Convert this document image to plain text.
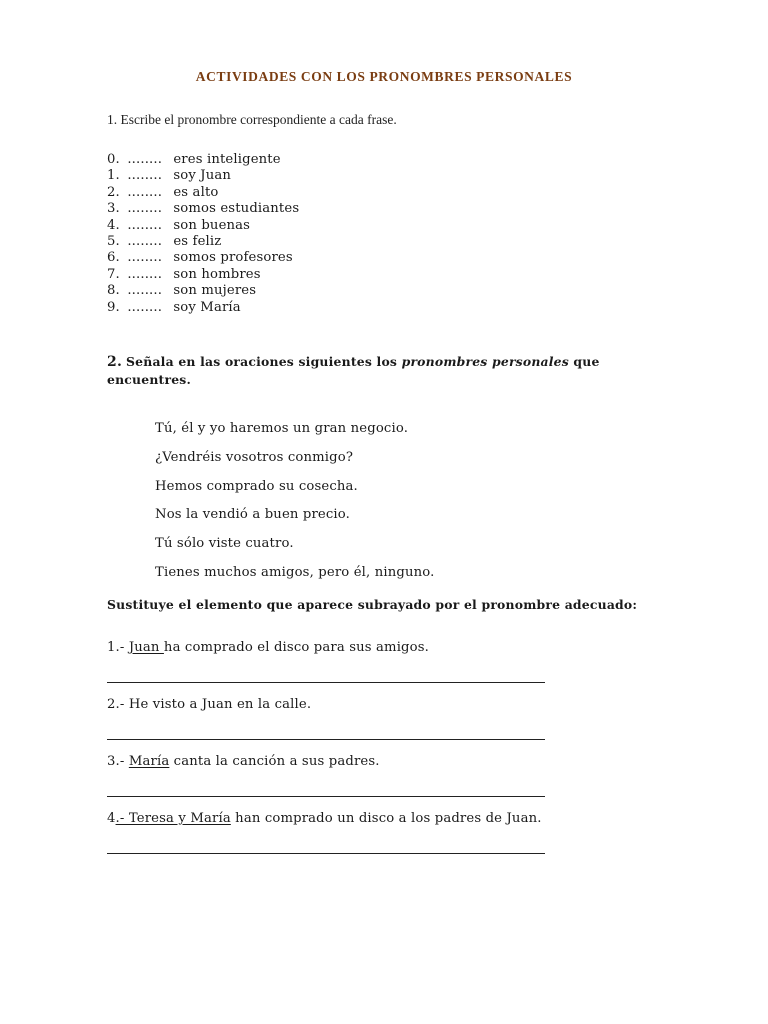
ACTIVIDADES CON LOS PRONOMBRES PERSONALES
1. Escribe el pronombre correspondiente a cada frase.
0. ........ eres inteligente
1. ........ soy Juan
2. ........ es alto
3. ........ somos estudiantes
4. ........ son buenas
5. ........ es feliz
6. ........ somos profesores
7. ........ son hombres
8. ........ son mujeres
9. ........ soy María
2. Señala en las oraciones siguientes los pronombres personales que encuentres.
Tú, él y yo haremos un gran negocio.
¿Vendréis vosotros conmigo?
Hemos comprado su cosecha.
Nos la vendió a buen precio.
Tú sólo viste cuatro.
Tienes muchos amigos, pero él, ninguno.
Sustituye el elemento que aparece subrayado por el pronombre adecuado:
1.- Juan ha comprado el disco para sus amigos.
2.- He visto a Juan en la calle.
3.- María canta la canción a sus padres.
4.- Teresa y María han comprado un disco a los padres de Juan.
